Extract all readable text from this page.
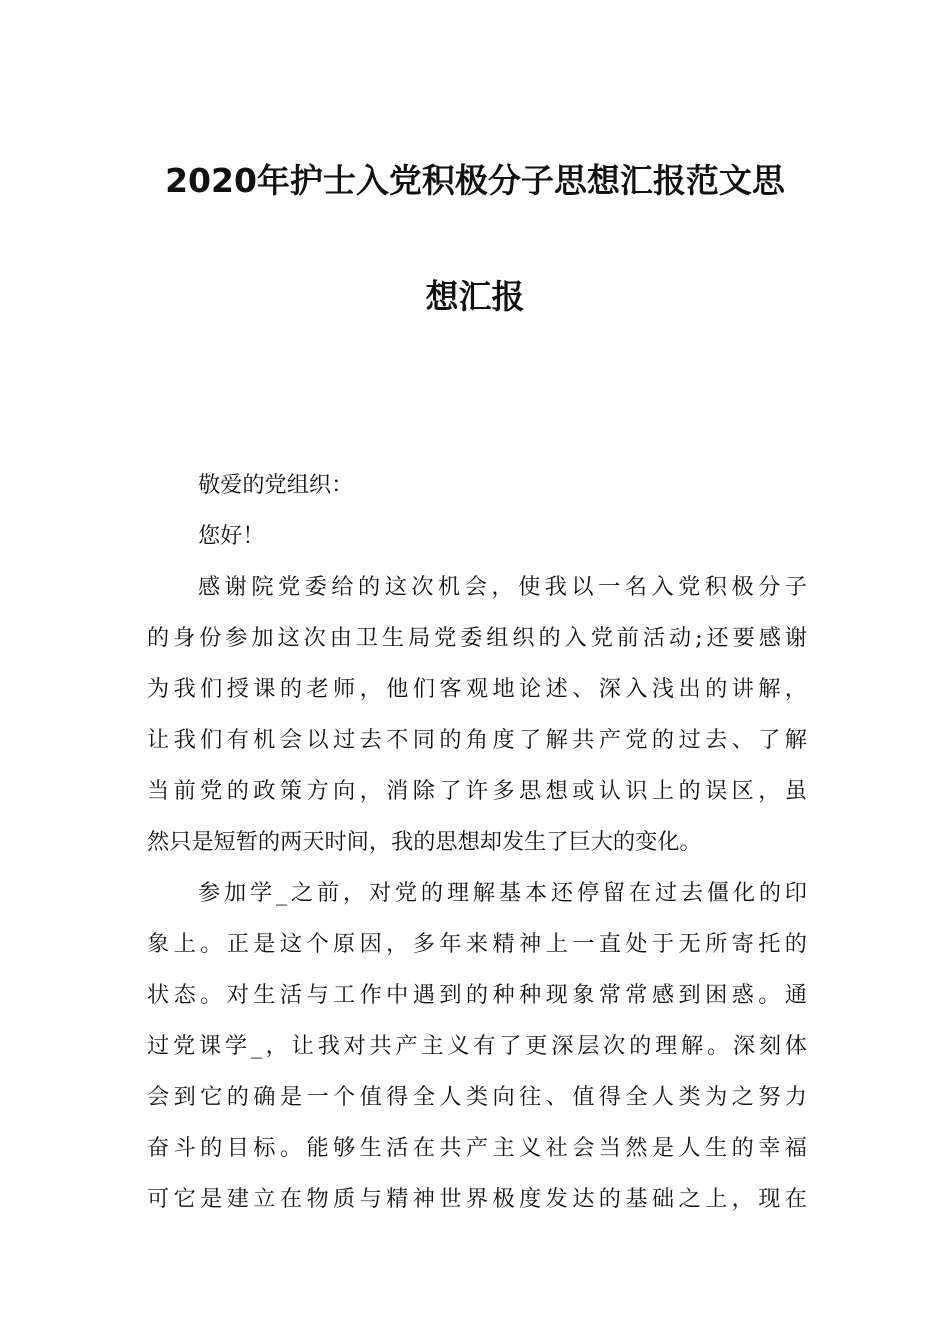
2020年护士入党积极分子思想汇报范文思
想汇报
敬爱的党组织：
您好！
感谢院党委给的这次机会，使我以一名入党积极分子
的身份参加这次由卫生局党委组织的入党前活动;还要感谢
为我们授课的老师，他们客观地论述、深入浅出的讲解，
让我们有机会以过去不同的角度了解共产党的过去、了解
当前党的政策方向，消除了许多思想或认识上的误区，虽
然只是短暂的两天时间，我的思想却发生了巨大的变化。
参加学_之前，对党的理解基本还停留在过去僵化的印
象上。正是这个原因，多年来精神上一直处于无所寄托的
状态。对生活与工作中遇到的种种现象常常感到困惑。通
过党课学_，让我对共产主义有了更深层次的理解。深刻体
会到它的确是一个值得全人类向往、值得全人类为之努力
奋斗的目标。能够生活在共产主义社会当然是人生的幸福
可它是建立在物质与精神世界极度发达的基础之上，现在
